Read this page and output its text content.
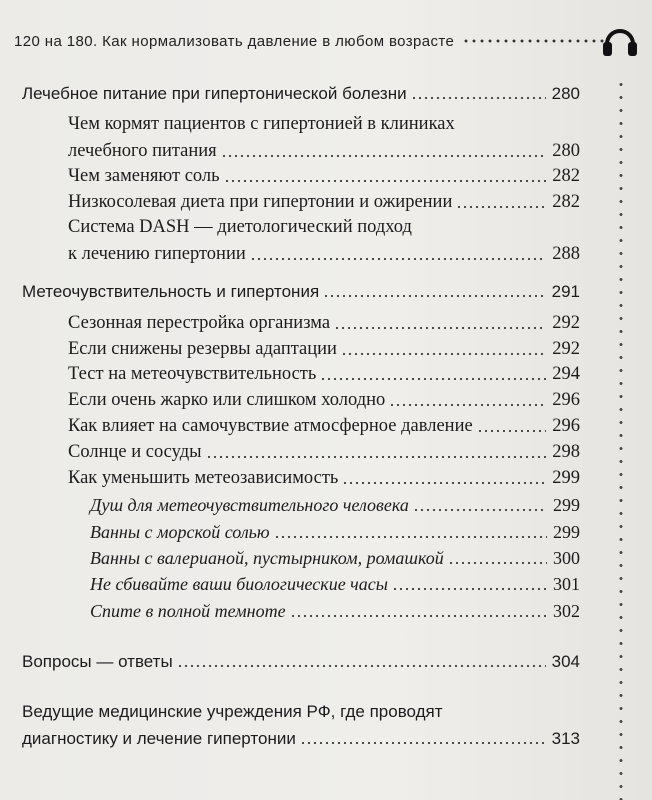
120 на 180. Как нормализовать давление в любом возрасте
Лечебное питание при гипертонической болезни	280
Чем кормят пациентов с гипертонией в клиниках
лечебного питания	280
Чем заменяют соль	282
Низкосолевая диета при гипертонии и ожирении	282
Система DASH — диетологический подход
к лечению гипертонии	288
Метеочувствительность и гипертония	291
Сезонная перестройка организма	292
Если снижены резервы адаптации	292
Тест на метеочувствительность	294
Если очень жарко или слишком холодно	296
Как влияет на самочувствие атмосферное давление	296
Солнце и сосуды	298
Как уменьшить метеозависимость	299
Душ для метеочувствительного человека	299
Ванны с морской солью	299
Ванны с валерианой, пустырником, ромашкой	300
Не сбивайте ваши биологические часы	301
Спите в полной темноте	302
Вопросы — ответы	304
Ведущие медицинские учреждения РФ, где проводят
диагностику и лечение гипертонии	313
